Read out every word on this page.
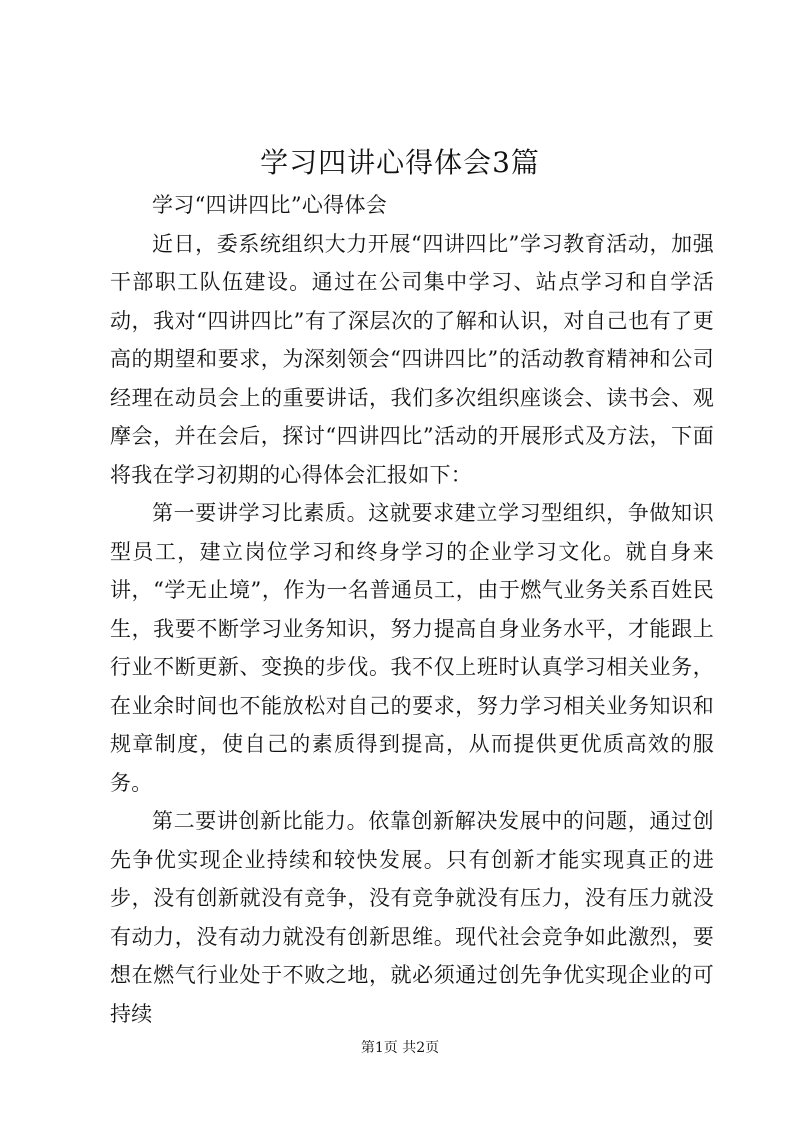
学习四讲心得体会3篇

学习“四讲四比”心得体会

近日，委系统组织大力开展“四讲四比”学习教育活动，加强干部职工队伍建设。通过在公司集中学习、站点学习和自学活动，我对“四讲四比”有了深层次的了解和认识，对自己也有了更高的期望和要求，为深刻领会“四讲四比”的活动教育精神和公司经理在动员会上的重要讲话，我们多次组织座谈会、读书会、观摩会，并在会后，探讨“四讲四比”活动的开展形式及方法，下面将我在学习初期的心得体会汇报如下：

第一要讲学习比素质。这就要求建立学习型组织，争做知识型员工，建立岗位学习和终身学习的企业学习文化。就自身来讲，“学无止境”，作为一名普通员工，由于燃气业务关系百姓民生，我要不断学习业务知识，努力提高自身业务水平，才能跟上行业不断更新、变换的步伐。我不仅上班时认真学习相关业务，在业余时间也不能放松对自己的要求，努力学习相关业务知识和规章制度，使自己的素质得到提高，从而提供更优质高效的服务。

第二要讲创新比能力。依靠创新解决发展中的问题，通过创先争优实现企业持续和较快发展。只有创新才能实现真正的进步，没有创新就没有竞争，没有竞争就没有压力，没有压力就没有动力，没有动力就没有创新思维。现代社会竞争如此激烈，要想在燃气行业处于不败之地，就必须通过创先争优实现企业的可持续

第1页 共2页
